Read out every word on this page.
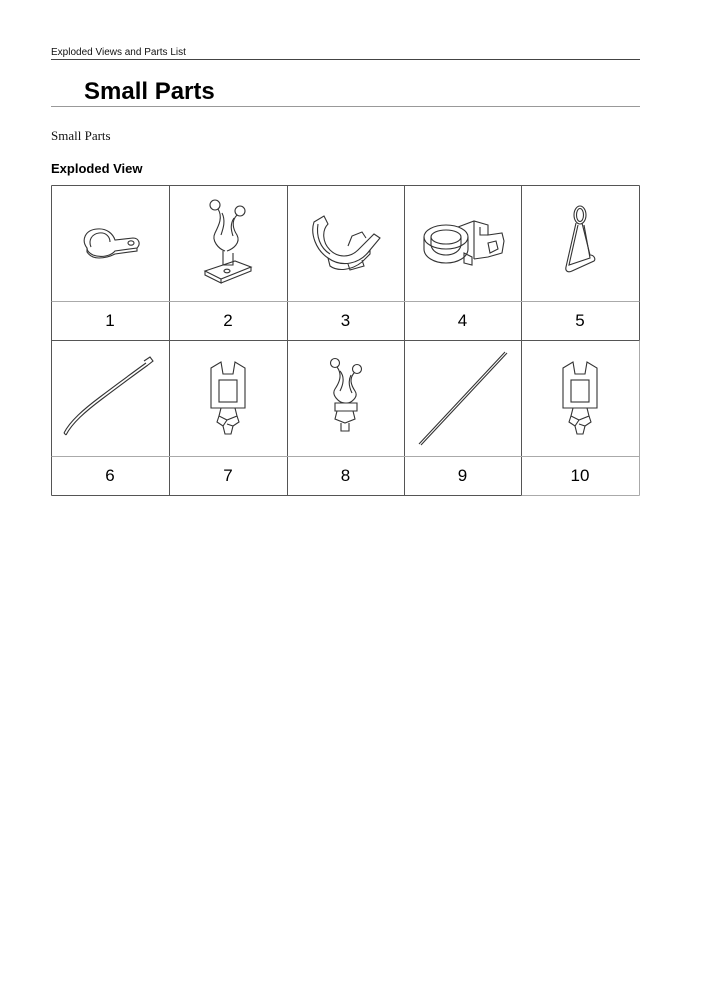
Exploded Views and Parts List
Small Parts
Small Parts
Exploded View
1	2	3	4	5
6	7	8	9	10
